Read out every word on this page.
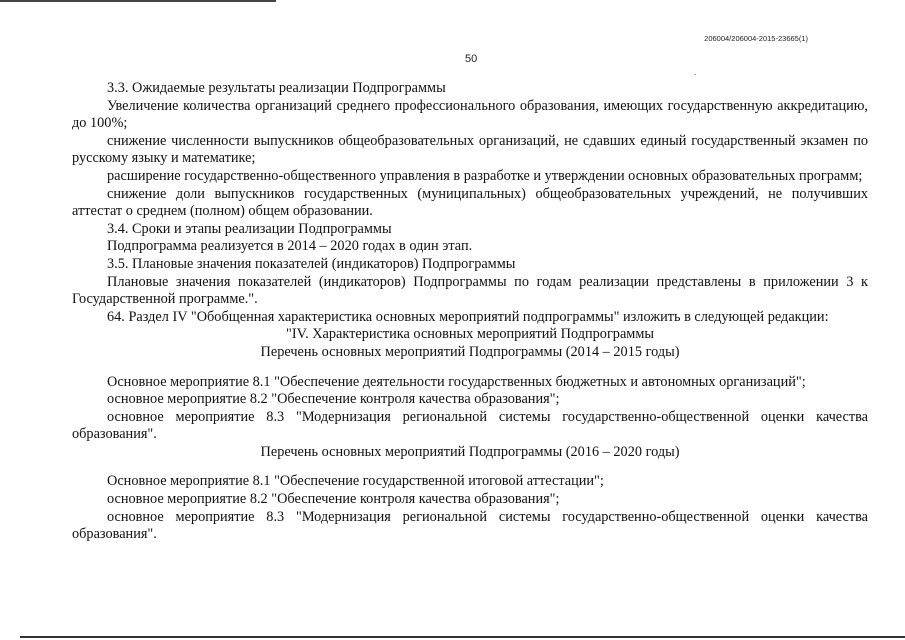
206004/206004-2015-23665(1)
50

3.3. Ожидаемые результаты реализации Подпрограммы

Увеличение количества организаций среднего профессионального образования, имеющих государственную аккредитацию, до 100%;

снижение численности выпускников общеобразовательных организаций, не сдавших единый государственный экзамен по русскому языку и математике;

расширение государственно-общественного управления в разработке и утверждении основных образовательных программ;

снижение доли выпускников государственных (муниципальных) общеобразовательных учреждений, не получивших аттестат о среднем (полном) общем образовании.

3.4. Сроки и этапы реализации Подпрограммы

Подпрограмма реализуется в 2014 – 2020 годах в один этап.

3.5. Плановые значения показателей (индикаторов) Подпрограммы

Плановые значения показателей (индикаторов) Подпрограммы по годам реализации представлены в приложении 3 к Государственной программе.".

64. Раздел IV "Обобщенная характеристика основных мероприятий подпрограммы" изложить в следующей редакции:

"IV. Характеристика основных мероприятий Подпрограммы

Перечень основных мероприятий Подпрограммы (2014 – 2015 годы)

Основное мероприятие 8.1 "Обеспечение деятельности государственных бюджетных и автономных организаций";

основное мероприятие 8.2 "Обеспечение контроля качества образования";

основное мероприятие 8.3 "Модернизация региональной системы государственно-общественной оценки качества образования".

Перечень основных мероприятий Подпрограммы (2016 – 2020 годы)

Основное мероприятие 8.1 "Обеспечение государственной итоговой аттестации";

основное мероприятие 8.2 "Обеспечение контроля качества образования";

основное мероприятие 8.3 "Модернизация региональной системы государственно-общественной оценки качества образования".
